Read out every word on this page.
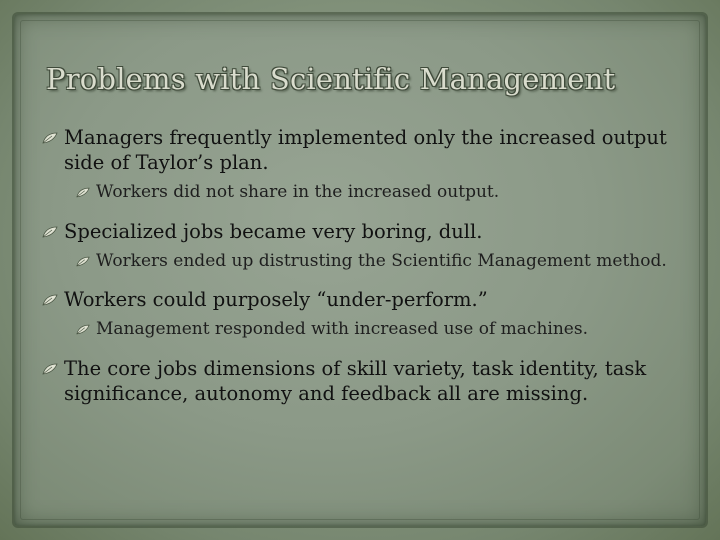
Problems with Scientific Management
Managers frequently implemented only the increased output side of Taylor’s plan.
Workers did not share in the increased output.
Specialized jobs became very boring, dull.
Workers ended up distrusting the Scientific Management method.
Workers could purposely “under-perform.”
Management responded with increased use of machines.
The core jobs dimensions of skill variety, task identity, task significance, autonomy and feedback all are missing.
